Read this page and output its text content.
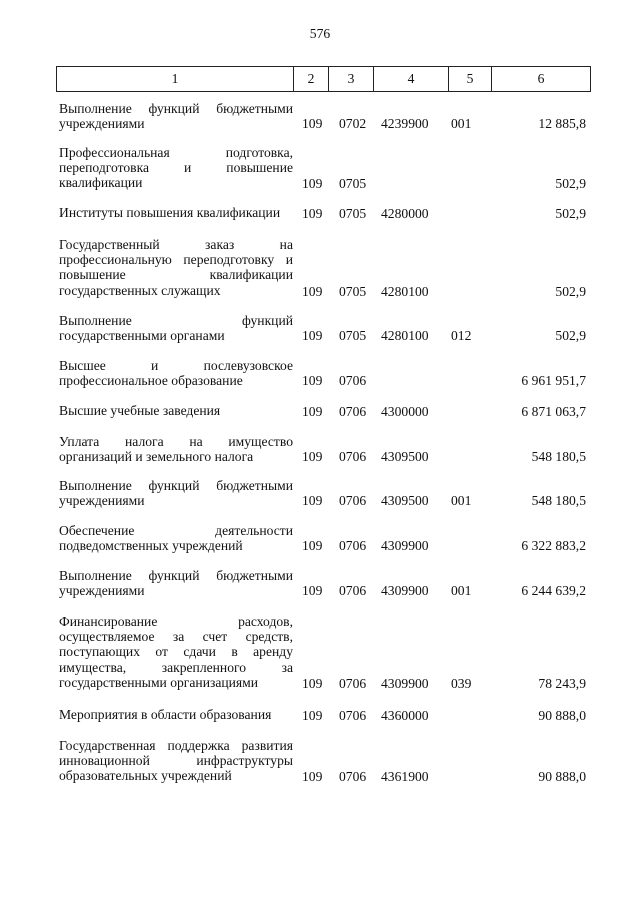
576
1	2	3	4	5	6
Выполнение функций бюджетными учреждениями	109 0702 4239900 001	12 885,8
Профессиональная подготовка, переподготовка и повышение квалификации	109 0705	502,9
Институты повышения квалификации	109 0705 4280000	502,9
Государственный заказ на профессиональную переподготовку и повышение квалификации государственных служащих	109 0705 4280100	502,9
Выполнение функций государственными органами	109 0705 4280100 012	502,9
Высшее и послевузовское профессиональное образование	109 0706	6 961 951,7
Высшие учебные заведения	109 0706 4300000	6 871 063,7
Уплата налога на имущество организаций и земельного налога	109 0706 4309500	548 180,5
Выполнение функций бюджетными учреждениями	109 0706 4309500 001	548 180,5
Обеспечение деятельности подведомственных учреждений	109 0706 4309900	6 322 883,2
Выполнение функций бюджетными учреждениями	109 0706 4309900 001	6 244 639,2
Финансирование расходов, осуществляемое за счет средств, поступающих от сдачи в аренду имущества, закрепленного за государственными организациями	109 0706 4309900 039	78 243,9
Мероприятия в области образования	109 0706 4360000	90 888,0
Государственная поддержка развития инновационной инфраструктуры образовательных учреждений	109 0706 4361900	90 888,0
